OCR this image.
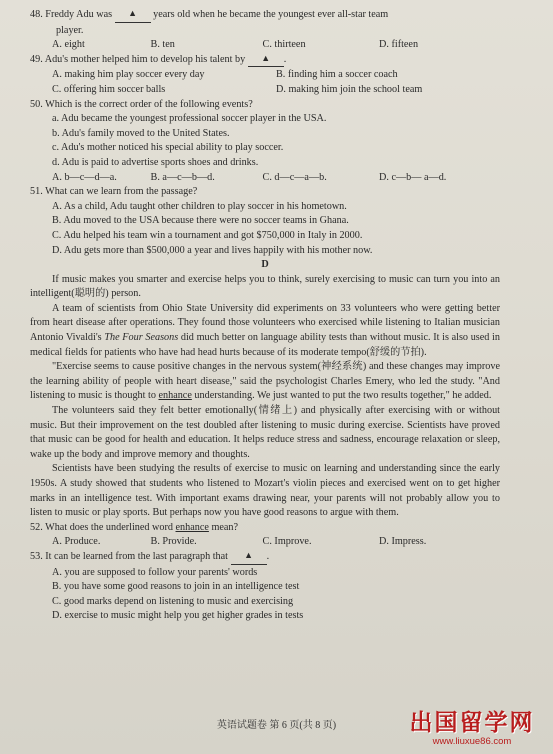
48. Freddy Adu was ▲ years old when he became the youngest ever all-star team
player.
A. eight	B. ten	C. thirteen	D. fifteen
49. Adu's mother helped him to develop his talent by ▲ .
A. making him play soccer every day	B. finding him a soccer coach
C. offering him soccer balls	D. making him join the school team
50. Which is the correct order of the following events?
a. Adu became the youngest professional soccer player in the USA.
b. Adu's family moved to the United States.
c. Adu's mother noticed his special ability to play soccer.
d. Adu is paid to advertise sports shoes and drinks.
A. b—c—d—a.	B. a—c—b—d.	C. d—c—a—b.	D. c—b— a—d.
51. What can we learn from the passage?
A. As a child, Adu taught other children to play soccer in his hometown.
B. Adu moved to the USA because there were no soccer teams in Ghana.
C. Adu helped his team win a tournament and got $750,000 in Italy in 2000.
D. Adu gets more than $500,000 a year and lives happily with his mother now.
D
If music makes you smarter and exercise helps you to think, surely exercising to music can turn you into an intelligent(聪明的) person.
A team of scientists from Ohio State University did experiments on 33 volunteers who were getting better from heart disease after operations. They found those volunteers who exercised while listening to Italian musician Antonio Vivaldi's The Four Seasons did much better on language ability tests than without music. It is also used in medical fields for patients who have had head hurts because of its moderate tempo(舒缓的节拍).
"Exercise seems to cause positive changes in the nervous system(神经系统) and these changes may improve the learning ability of people with heart disease," said the psychologist Charles Emery, who led the study. "And listening to music is thought to enhance understanding. We just wanted to put the two results together," he added.
The volunteers said they felt better emotionally(情绪上) and physically after exercising with or without music. But their improvement on the test doubled after listening to music during exercise. Scientists have proved that music can be good for health and education. It helps reduce stress and sadness, encourage relaxation or sleep, wake up the body and improve memory and thoughts.
Scientists have been studying the results of exercise to music on learning and understanding since the early 1950s. A study showed that students who listened to Mozart's violin pieces and exercised went on to get higher marks in an intelligence test. With important exams drawing near, your parents will not probably allow you to listen to music or play sports. But perhaps now you have good reasons to argue with them.
52. What does the underlined word enhance mean?
A. Produce.	B. Provide.	C. Improve.	D. Impress.
53. It can be learned from the last paragraph that ▲ .
A. you are supposed to follow your parents' words
B. you have some good reasons to join in an intelligence test
C. good marks depend on listening to music and exercising
D. exercise to music might help you get higher grades in tests
英语试题卷 第 6 页(共 8 页)	出国留学网
www.liuxue86.com
